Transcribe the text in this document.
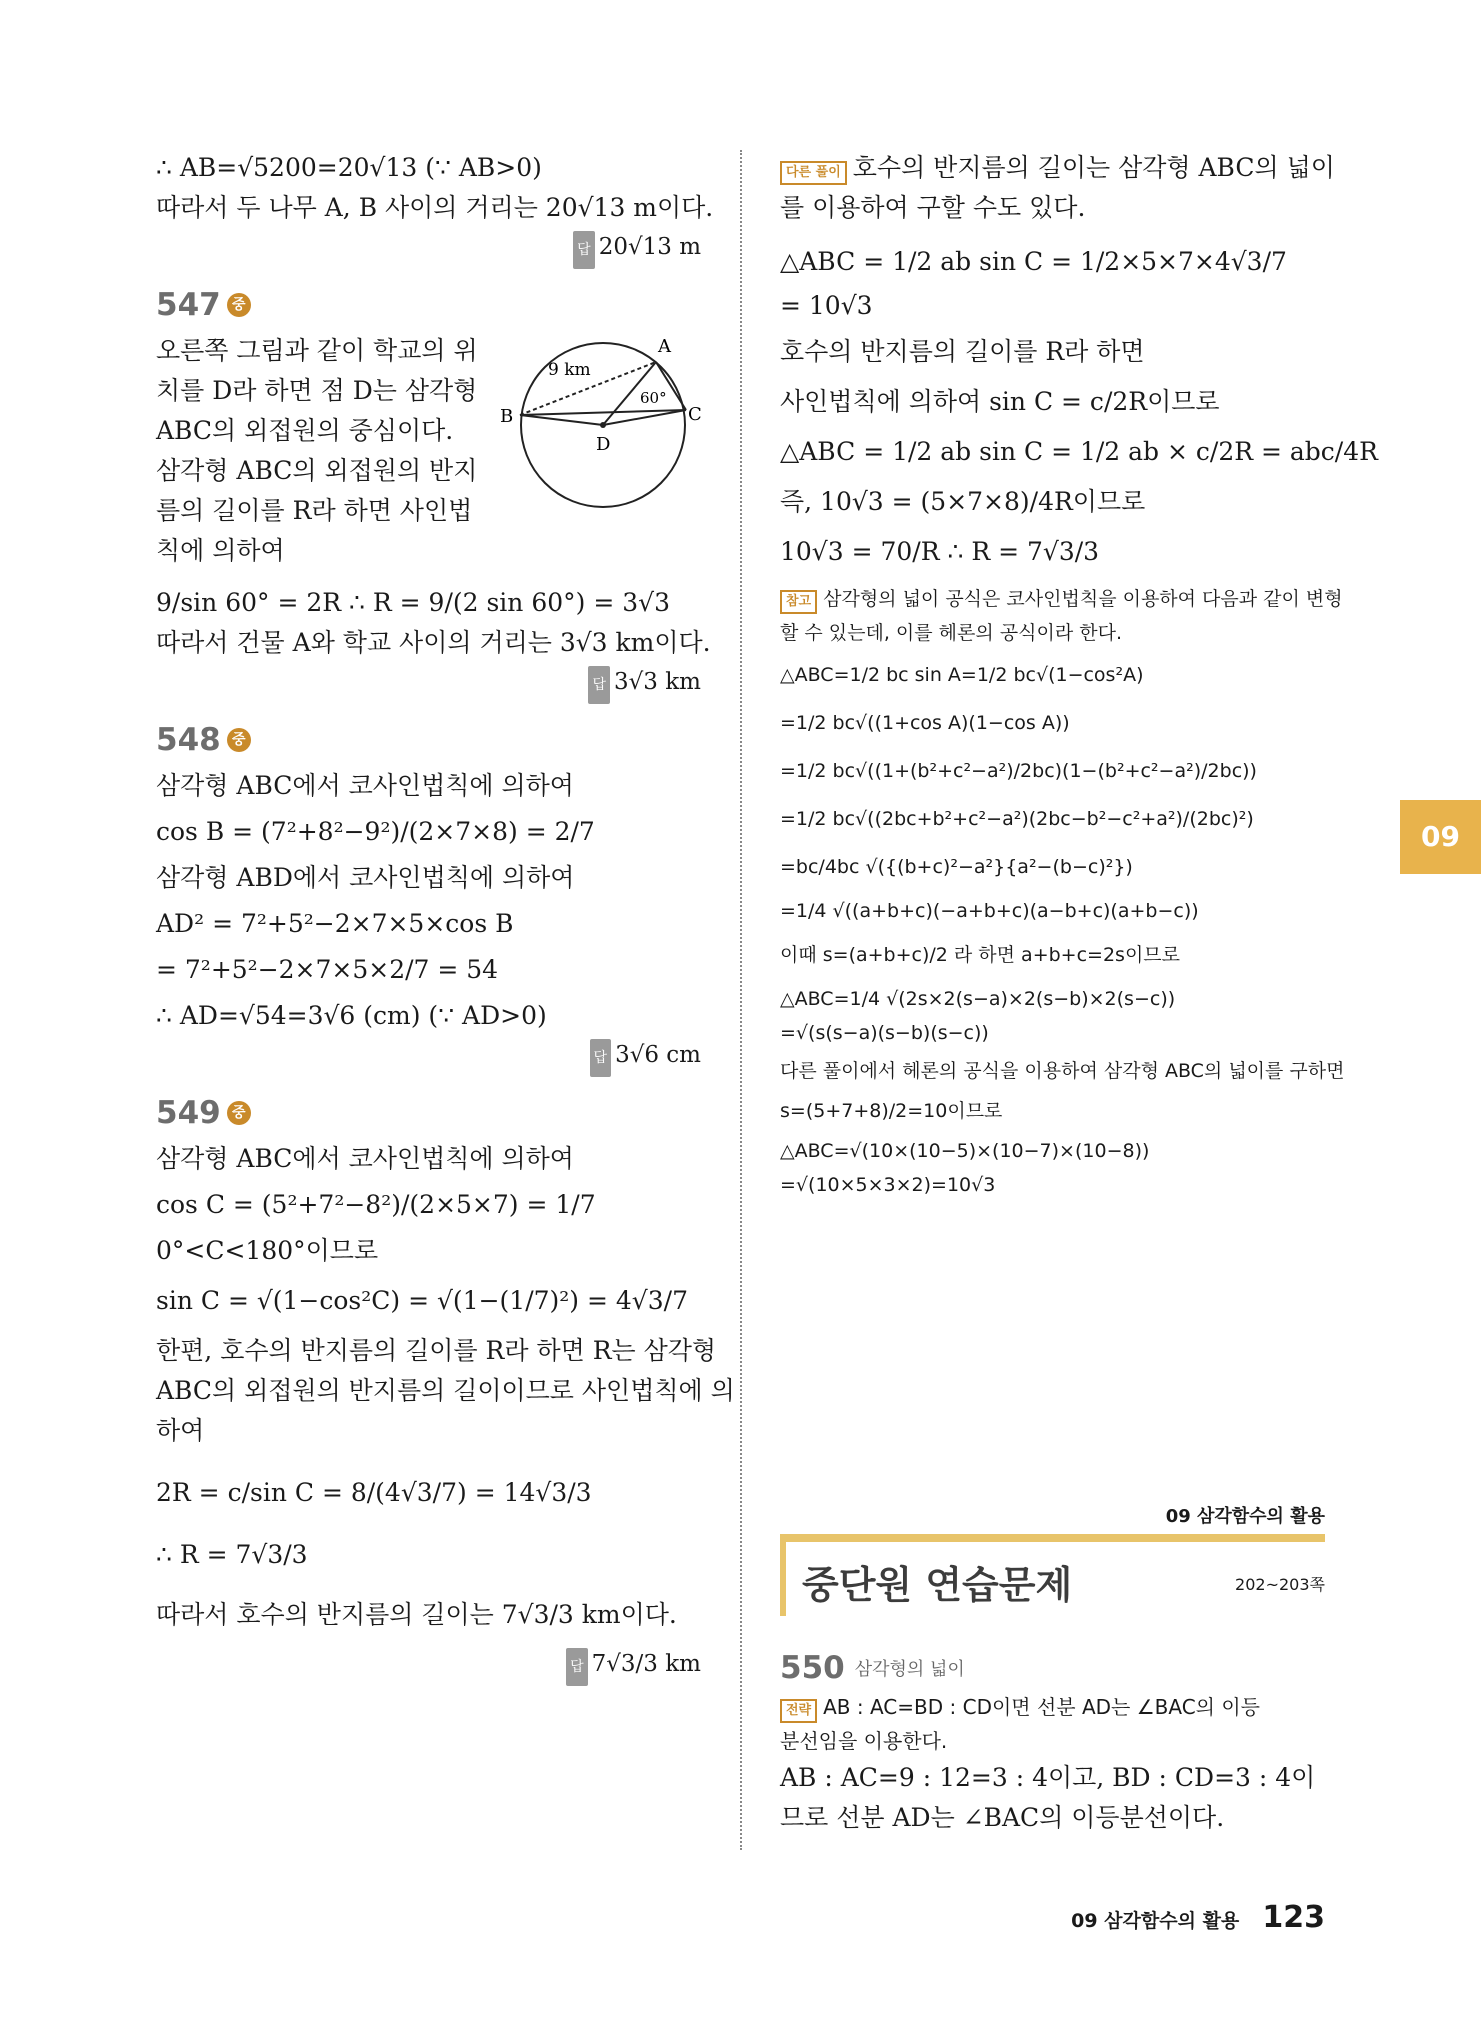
∴ AB=√5200=20√13 (∵ AB>0)
따라서 두 나무 A, B 사이의 거리는 20√13 m이다.
답 20√13 m
547 중
오른쪽 그림과 같이 학교의 위
치를 D라 하면 점 D는 삼각형
ABC의 외접원의 중심이다.
삼각형 ABC의 외접원의 반지
름의 길이를 R라 하면 사인법
칙에 의하여
9/sin 60° = 2R ∴ R = 9/(2 sin 60°) = 3√3
따라서 건물 A와 학교 사이의 거리는 3√3 km이다.
답 3√3 km
548 중
삼각형 ABC에서 코사인법칙에 의하여
cos B = (7²+8²−9²)/(2×7×8) = 2/7
삼각형 ABD에서 코사인법칙에 의하여
AD² = 7²+5²−2×7×5×cos B
= 7²+5²−2×7×5×2/7 = 54
∴ AD=√54=3√6 (cm) (∵ AD>0)
답 3√6 cm
549 중
삼각형 ABC에서 코사인법칙에 의하여
cos C = (5²+7²−8²)/(2×5×7) = 1/7
0°<C<180°이므로
sin C = √(1−cos²C) = √(1−(1/7)²) = 4√3/7
한편, 호수의 반지름의 길이를 R라 하면 R는 삼각형
ABC의 외접원의 반지름의 길이이므로 사인법칙에 의
하여
2R = c/sin C = 8/(4√3/7) = 14√3/3
∴ R = 7√3/3
따라서 호수의 반지름의 길이는 7√3/3 km이다.
답 7√3/3 km
A
B	C
D
9 km
60°
다른 풀이 호수의 반지름의 길이는 삼각형 ABC의 넓이
를 이용하여 구할 수도 있다.
△ABC = 1/2 ab sin C = 1/2×5×7×4√3/7
= 10√3
호수의 반지름의 길이를 R라 하면
사인법칙에 의하여 sin C = c/2R이므로
△ABC = 1/2 ab sin C = 1/2 ab × c/2R = abc/4R
즉, 10√3 = (5×7×8)/4R이므로
10√3 = 70/R ∴ R = 7√3/3
참고 삼각형의 넓이 공식은 코사인법칙을 이용하여 다음과 같이 변형
할 수 있는데, 이를 헤론의 공식이라 한다.
△ABC=1/2 bc sin A=1/2 bc√(1−cos²A)
=1/2 bc√((1+cos A)(1−cos A))
=1/2 bc√((1+(b²+c²−a²)/2bc)(1−(b²+c²−a²)/2bc))
=1/2 bc√((2bc+b²+c²−a²)(2bc−b²−c²+a²)/(2bc)²)
=bc/4bc √({(b+c)²−a²}{a²−(b−c)²})
=1/4 √((a+b+c)(−a+b+c)(a−b+c)(a+b−c))
이때 s=(a+b+c)/2 라 하면 a+b+c=2s이므로
△ABC=1/4 √(2s×2(s−a)×2(s−b)×2(s−c))
=√(s(s−a)(s−b)(s−c))
다른 풀이에서 헤론의 공식을 이용하여 삼각형 ABC의 넓이를 구하면
s=(5+7+8)/2=10이므로
△ABC=√(10×(10−5)×(10−7)×(10−8))
=√(10×5×3×2)=10√3
09
09 삼각함수의 활용
중단원 연습문제	202~203쪽
550 삼각형의 넓이
전략 AB : AC=BD : CD이면 선분 AD는 ∠BAC의 이등
분선임을 이용한다.
AB : AC=9 : 12=3 : 4이고, BD : CD=3 : 4이
므로 선분 AD는 ∠BAC의 이등분선이다.
09 삼각함수의 활용 123
